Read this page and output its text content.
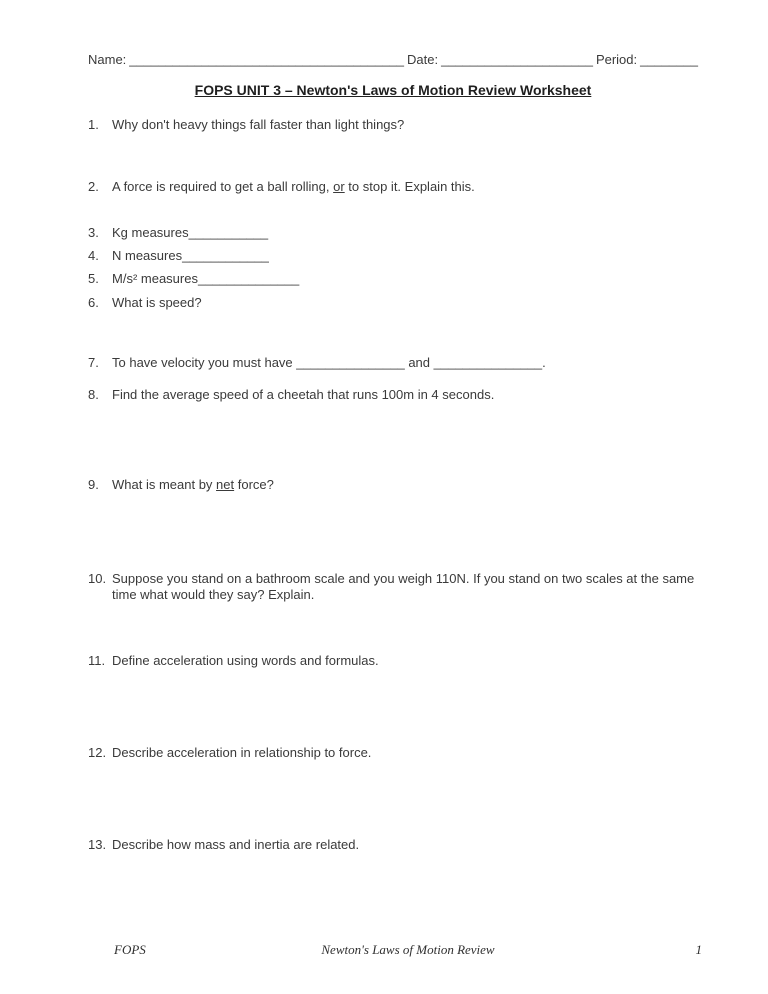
Name: ______________________________________ Date: _____________________ Period: ________
FOPS UNIT 3 – Newton's Laws of Motion Review Worksheet
1.	Why don't heavy things fall faster than light things?
2.	A force is required to get a ball rolling, or to stop it. Explain this.
3.	Kg measures___________
4.	N measures____________
5.	M/s² measures______________
6.	What is speed?
7.	To have velocity you must have _______________ and _______________.
8.	Find the average speed of a cheetah that runs 100m in 4 seconds.
9.	What is meant by net force?
10. Suppose you stand on a bathroom scale and you weigh 110N. If you stand on two scales at the same time what would they say? Explain.
11. Define acceleration using words and formulas.
12. Describe acceleration in relationship to force.
13. Describe how mass and inertia are related.
FOPS	Newton's Laws of Motion Review	1
